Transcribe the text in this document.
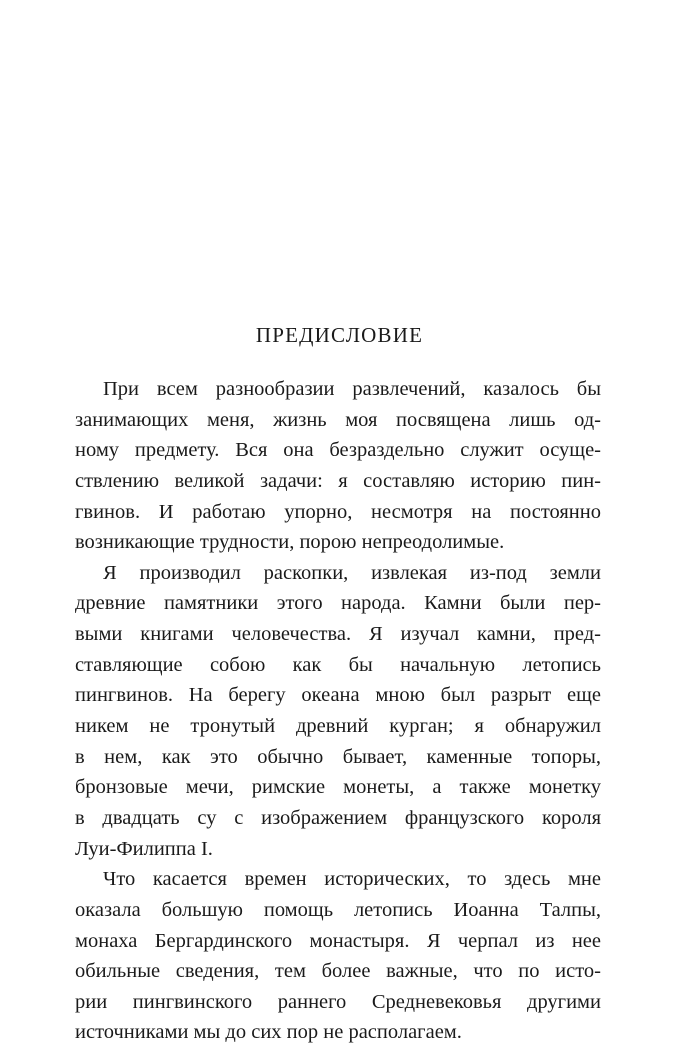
ПРЕДИСЛОВИЕ
При всем разнообразии развлечений, казалось бы
занимающих меня, жизнь моя посвящена лишь од-
ному предмету. Вся она безраздельно служит осуще-
ствлению великой задачи: я составляю историю пин-
гвинов. И работаю упорно, несмотря на постоянно
возникающие трудности, порою непреодолимые.
Я производил раскопки, извлекая из-под земли
древние памятники этого народа. Камни были пер-
выми книгами человечества. Я изучал камни, пред-
ставляющие собою как бы начальную летопись
пингвинов. На берегу океана мною был разрыт еще
никем не тронутый древний курган; я обнаружил
в нем, как это обычно бывает, каменные топоры,
бронзовые мечи, римские монеты, а также монетку
в двадцать су с изображением французского короля
Луи-Филиппа I.
Что касается времен исторических, то здесь мне
оказала большую помощь летопись Иоанна Талпы,
монаха Бергардинского монастыря. Я черпал из нее
обильные сведения, тем более важные, что по исто-
рии пингвинского раннего Средневековья другими
источниками мы до сих пор не располагаем.
